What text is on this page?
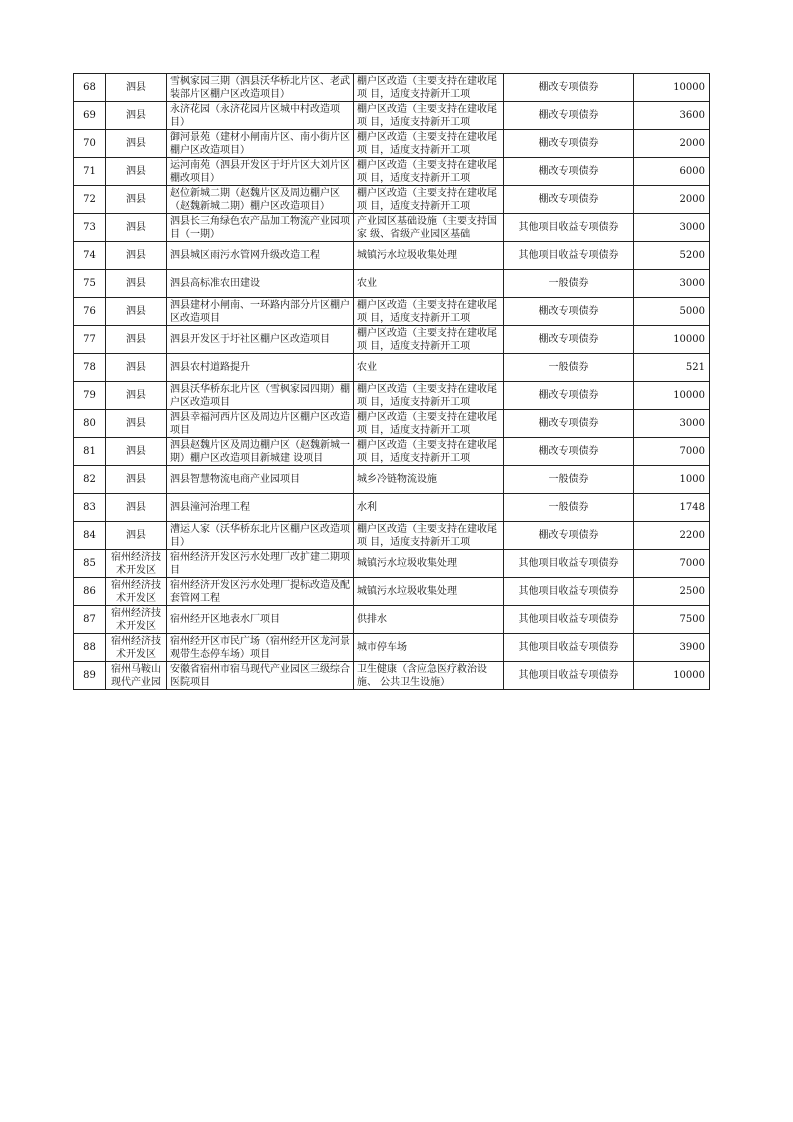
68	泗县	雪枫家园三期（泗县沃华桥北片区、老武装部片区棚户区改造项目）	棚户区改造（主要支持在建收尾项 目，适度支持新开工项	棚改专项债券	10000
69	泗县	永济花园（永济花园片区城中村改造项目）	棚户区改造（主要支持在建收尾项 目，适度支持新开工项	棚改专项债券	3600
70	泗县	御河景苑（建材小闸南片区、南小街片区棚户区改造项目）	棚户区改造（主要支持在建收尾项 目，适度支持新开工项	棚改专项债券	2000
71	泗县	运河南苑（泗县开发区于圩片区大刘片区棚改项目）	棚户区改造（主要支持在建收尾项 目，适度支持新开工项	棚改专项债券	6000
72	泗县	赵位新城二期（赵魏片区及周边棚户区（赵魏新城二期）棚户区改造项目）	棚户区改造（主要支持在建收尾项 目，适度支持新开工项	棚改专项债券	2000
73	泗县	泗县长三角绿色农产品加工物流产业园项目（一期）	产业园区基础设施（主要支持国家 级、省级产业园区基础	其他项目收益专项债券	3000
74	泗县	泗县城区雨污水管网升级改造工程	城镇污水垃圾收集处理	其他项目收益专项债券	5200
75	泗县	泗县高标准农田建设	农业	一般债券	3000
76	泗县	泗县建材小闸南、一环路内部分片区棚户区改造项目	棚户区改造（主要支持在建收尾项 目，适度支持新开工项	棚改专项债券	5000
77	泗县	泗县开发区于圩社区棚户区改造项目	棚户区改造（主要支持在建收尾项 目，适度支持新开工项	棚改专项债券	10000
78	泗县	泗县农村道路提升	农业	一般债券	521
79	泗县	泗县沃华桥东北片区（雪枫家园四期）棚户区改造项目	棚户区改造（主要支持在建收尾项 目，适度支持新开工项	棚改专项债券	10000
80	泗县	泗县幸福河西片区及周边片区棚户区改造项目	棚户区改造（主要支持在建收尾项 目，适度支持新开工项	棚改专项债券	3000
81	泗县	泗县赵魏片区及周边棚户区（赵魏新城一期）棚户区改造项目新城建 设项目	棚户区改造（主要支持在建收尾项 目，适度支持新开工项	棚改专项债券	7000
82	泗县	泗县智慧物流电商产业园项目	城乡冷链物流设施	一般债券	1000
83	泗县	泗县潼河治理工程	水利	一般债券	1748
84	泗县	漕运人家（沃华桥东北片区棚户区改造项目）	棚户区改造（主要支持在建收尾项 目，适度支持新开工项	棚改专项债券	2200
85	宿州经济技术开发区	宿州经济开发区污水处理厂改扩建二期项目	城镇污水垃圾收集处理	其他项目收益专项债券	7000
86	宿州经济技术开发区	宿州经济开发区污水处理厂提标改造及配套管网工程	城镇污水垃圾收集处理	其他项目收益专项债券	2500
87	宿州经济技术开发区	宿州经开区地表水厂项目	供排水	其他项目收益专项债券	7500
88	宿州经济技术开发区	宿州经开区市民广场（宿州经开区龙河景观带生态停车场）项目	城市停车场	其他项目收益专项债券	3900
89	宿州马鞍山现代产业园	安徽省宿州市宿马现代产业园区三级综合医院项目	卫生健康（含应急医疗救治设施、 公共卫生设施）	其他项目收益专项债券	10000
